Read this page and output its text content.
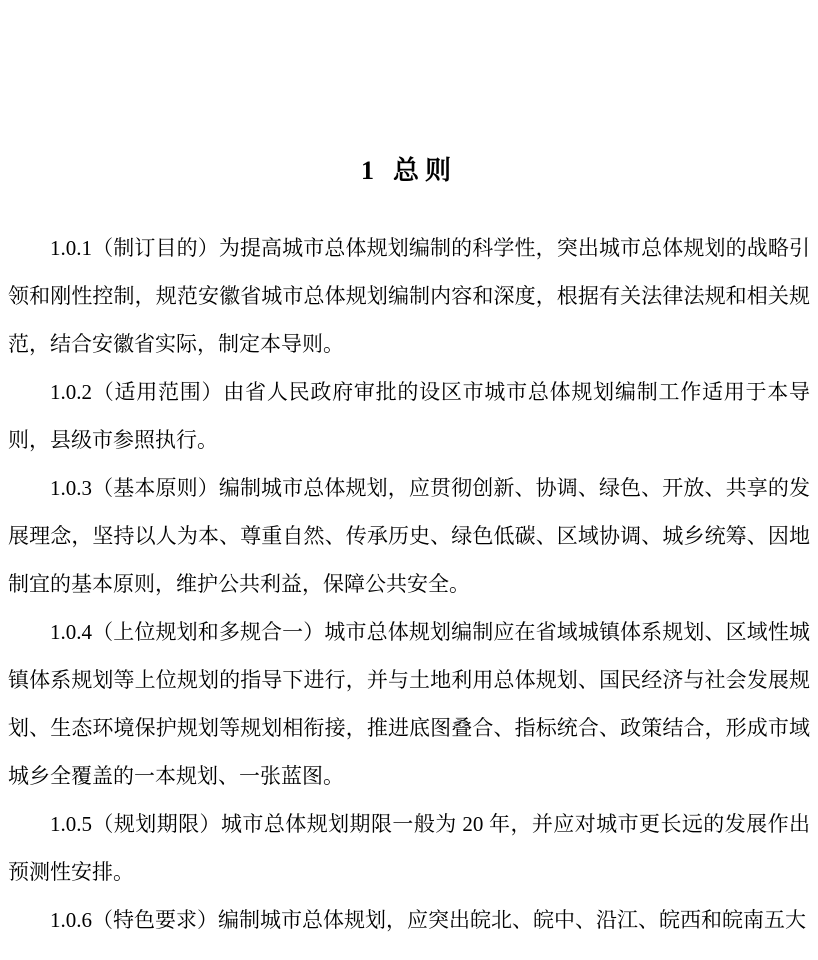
1 总则

1.0.1（制订目的）为提高城市总体规划编制的科学性，突出城市总体规划的战略引领和刚性控制，规范安徽省城市总体规划编制内容和深度，根据有关法律法规和相关规范，结合安徽省实际，制定本导则。

1.0.2（适用范围）由省人民政府审批的设区市城市总体规划编制工作适用于本导则，县级市参照执行。

1.0.3（基本原则）编制城市总体规划，应贯彻创新、协调、绿色、开放、共享的发展理念，坚持以人为本、尊重自然、传承历史、绿色低碳、区域协调、城乡统筹、因地制宜的基本原则，维护公共利益，保障公共安全。

1.0.4（上位规划和多规合一）城市总体规划编制应在省域城镇体系规划、区域性城镇体系规划等上位规划的指导下进行，并与土地利用总体规划、国民经济与社会发展规划、生态环境保护规划等规划相衔接，推进底图叠合、指标统合、政策结合，形成市域城乡全覆盖的一本规划、一张蓝图。

1.0.5（规划期限）城市总体规划期限一般为 20 年，并应对城市更长远的发展作出预测性安排。

1.0.6（特色要求）编制城市总体规划，应突出皖北、皖中、沿江、皖西和皖南五大
